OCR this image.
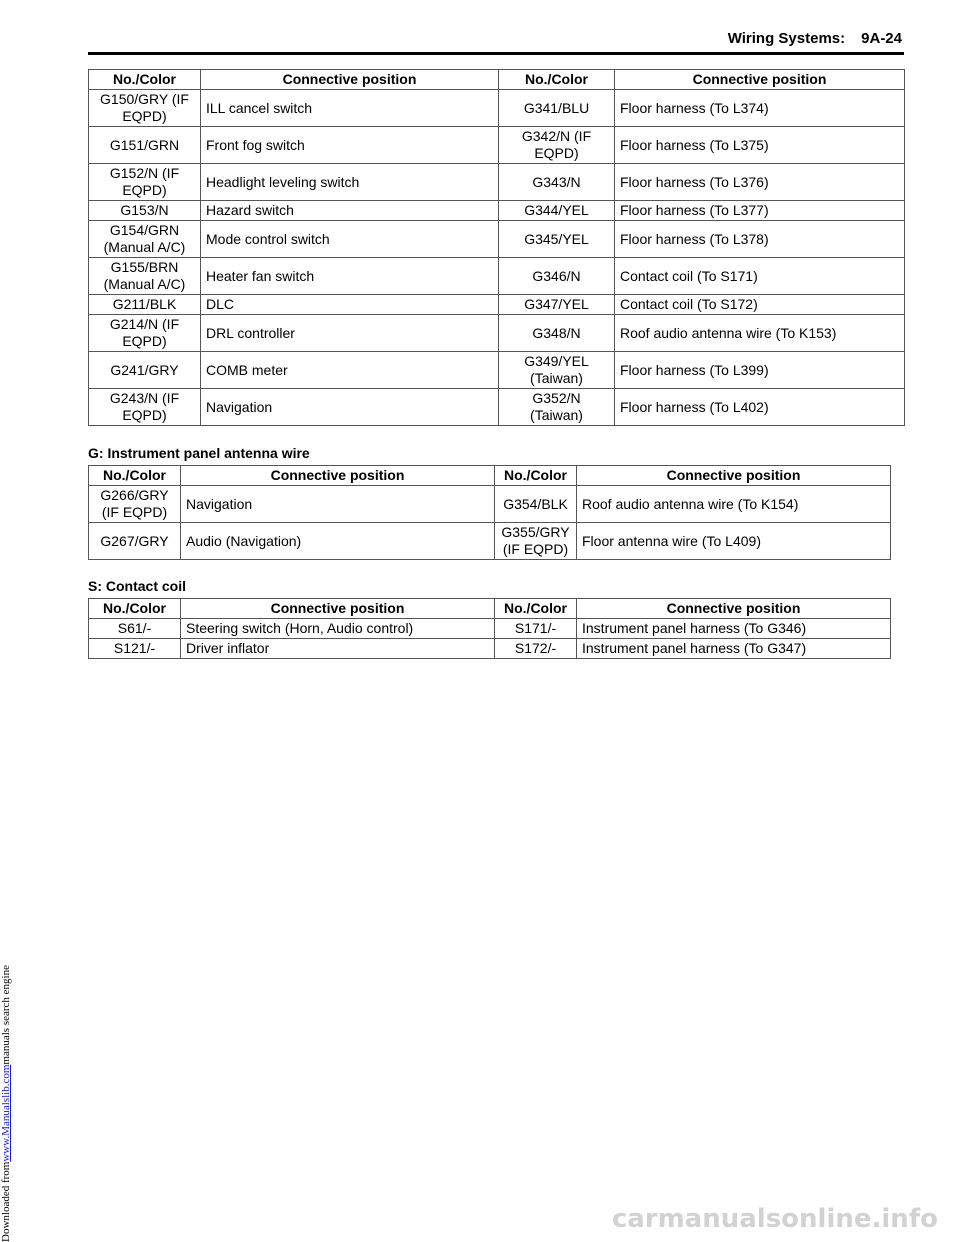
Downloaded fromwww.Manualslib.commanuals search engine
Wiring Systems: 9A-24
No./Color	Connective position	No./Color	Connective position
G150/GRY (IF EQPD)	ILL cancel switch	G341/BLU	Floor harness (To L374)
G151/GRN	Front fog switch	G342/N (IF EQPD)	Floor harness (To L375)
G152/N (IF EQPD)	Headlight leveling switch	G343/N	Floor harness (To L376)
G153/N	Hazard switch	G344/YEL	Floor harness (To L377)
G154/GRN (Manual A/C)	Mode control switch	G345/YEL	Floor harness (To L378)
G155/BRN (Manual A/C)	Heater fan switch	G346/N	Contact coil (To S171)
G211/BLK	DLC	G347/YEL	Contact coil (To S172)
G214/N (IF EQPD)	DRL controller	G348/N	Roof audio antenna wire (To K153)
G241/GRY	COMB meter	G349/YEL (Taiwan)	Floor harness (To L399)
G243/N (IF EQPD)	Navigation	G352/N (Taiwan)	Floor harness (To L402)
G: Instrument panel antenna wire
No./Color	Connective position	No./Color	Connective position
G266/GRY (IF EQPD)	Navigation	G354/BLK	Roof audio antenna wire (To K154)
G267/GRY	Audio (Navigation)	G355/GRY (IF EQPD)	Floor antenna wire (To L409)
S: Contact coil
No./Color	Connective position	No./Color	Connective position
S61/-	Steering switch (Horn, Audio control)	S171/-	Instrument panel harness (To G346)
S121/-	Driver inflator	S172/-	Instrument panel harness (To G347)
carmanualsonline.info
